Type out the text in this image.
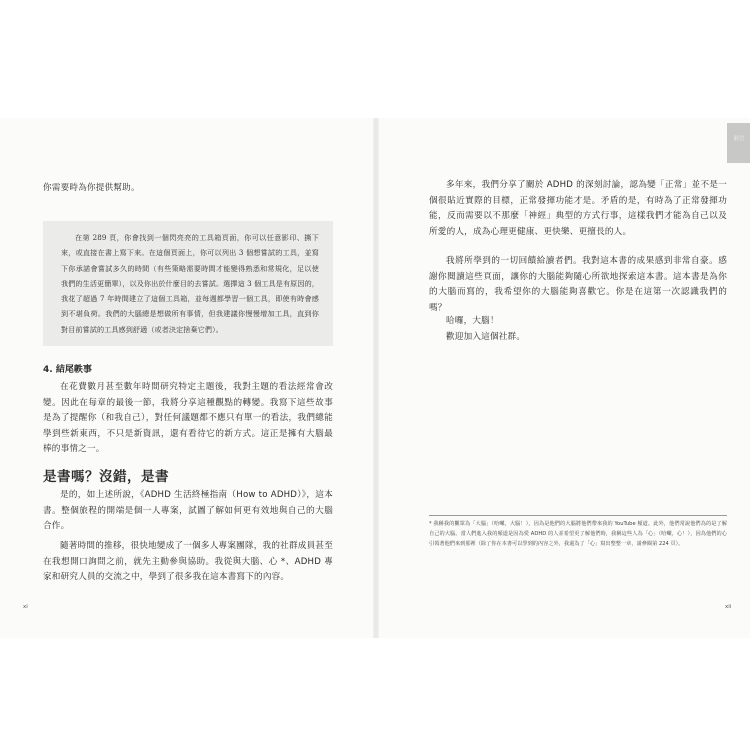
你需要時為你提供幫助。

在第 289 頁，你會找到一個閃亮亮的工具箱頁面，你可以任意影印、撕下來，或直接在書上寫下來。在這個頁面上，你可以列出 3 個想嘗試的工具，並寫下你承諾會嘗試多久的時間（有些策略需要時間才能變得熟悉和常規化，足以使我們的生活更簡單），以及你出於什麼目的去嘗試。選擇這 3 個工具是有原因的，我花了超過 7 年時間建立了這個工具箱，並每週都學習一個工具，即使有時會感到不堪負荷。我們的大腦總是想做所有事情，但我建議你慢慢增加工具，直到你對目前嘗試的工具感到舒適（或者決定捨棄它們）。

4. 結尾軼事

在花費數月甚至數年時間研究特定主題後，我對主題的看法經常會改變。因此在每章的最後一節，我將分享這種觀點的轉變。我寫下這些故事是為了提醒你（和我自己），對任何議題都不應只有單一的看法，我們總能學到些新東西，不只是新資訊，還有看待它的新方式。這正是擁有大腦最棒的事情之一。

是書嗎？沒錯，是書

是的，如上述所說，《ADHD 生活終極指南（How to ADHD）》，這本書。整個旅程的開端是個一人專案，試圖了解如何更有效地與自己的大腦合作。

隨著時間的推移，很快地變成了一個多人專案團隊，我的社群成員甚至在我想開口詢問之前，就先主動參與協助。我從與大腦、心 *、ADHD 專家和研究人員的交流之中，學到了很多我在這本書寫下的內容。

xi

多年來，我們分享了關於 ADHD 的深刻討論，認為變「正常」並不是一個很貼近實際的目標，正常發揮功能才是。矛盾的是，有時為了正常發揮功能，反而需要以不那麼「神經」典型的方式行事，這樣我們才能為自己以及所愛的人，成為心理更健康、更快樂、更擅長的人。

我將所學到的一切回饋給讀者們。我對這本書的成果感到非常自豪。感謝你閱讀這些頁面，讓你的大腦能夠隨心所欲地探索這本書。這本書是為你的大腦而寫的，我希望你的大腦能夠喜歡它。你是在這第一次認識我們的嗎？

哈囉，大腦！

歡迎加入這個社群。

* 我稱我的觀眾為「大腦」（哈囉，大腦！），因為是他們的大腦將他們帶來我的 YouTube 頻道。此外，他們常說他們為的是了解自己的大腦。當人們進入我的頻道是因為愛 ADHD 的人並希望更了解他們時，我稱這些人為「心」（哈囉，心！），因為他們的心引領著他們來到那裡（除了你在本書可以學到的內容之外，我還為了「心」寫出整整一章，請參閱第 224 頁）。

前言
xii
